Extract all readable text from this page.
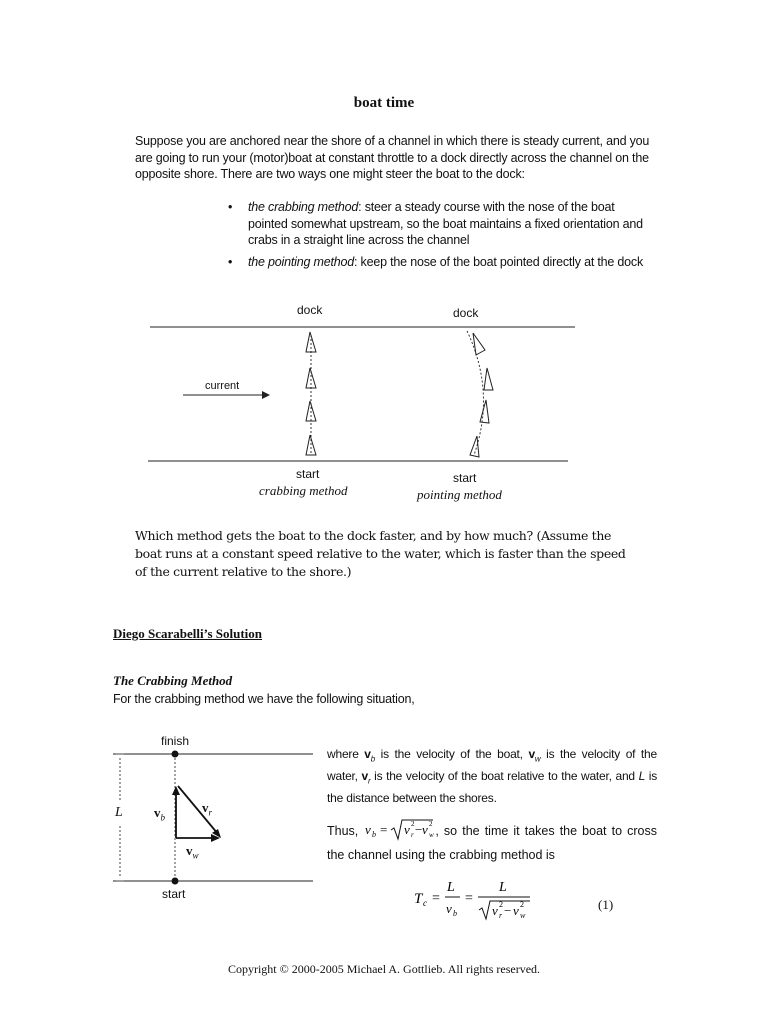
boat time
Suppose you are anchored near the shore of a channel in which there is steady current, and you are going to run your (motor)boat at constant throttle to a dock directly across the channel on the opposite shore. There are two ways one might steer the boat to the dock:
• the crabbing method: steer a steady course with the nose of the boat pointed somewhat upstream, so the boat maintains a fixed orientation and crabs in a straight line across the channel
• the pointing method: keep the nose of the boat pointed directly at the dock
dock	dock
current
start	start
crabbing method	pointing method
Which method gets the boat to the dock faster, and by how much? (Assume the boat runs at a constant speed relative to the water, which is faster than the speed of the current relative to the shore.)
Diego Scarabelli’s Solution
The Crabbing Method
For the crabbing method we have the following situation,
finish
start
L $v_b$
$v_r$
$v_w$
where $v_b$ is the velocity of the boat, $v_w$ is the velocity of the water, $v_r$ is the velocity of the boat relative to the water, and L is the distance between the shores.
Thus, v b = v 2
r − v 2
w , so the time it takes the boat to cross the channel using the crabbing method is
T c =
L
v b
=
L
v 2
r − v 2
w
(1)
Copyright © 2000-2005 Michael A. Gottlieb. All rights reserved.
